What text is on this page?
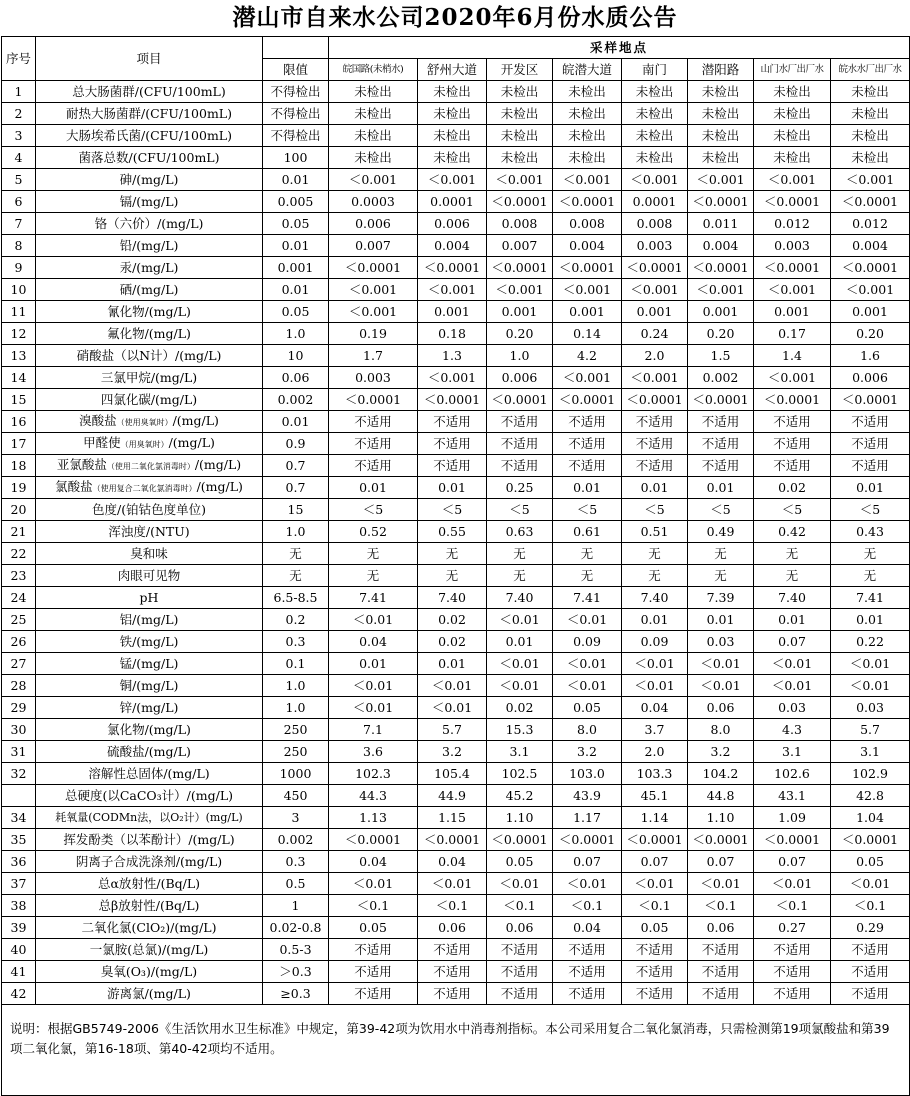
潜山市自来水公司2020年6月份水质公告
序号	项目		采样地点							
		限值	皖国路(未梢水)	舒州大道	开发区	皖潜大道	南门	潜阳路	山门水厂出厂水	皖水水厂出厂水
1	总大肠菌群/(CFU/100mL)	不得检出	未检出	未检出	未检出	未检出	未检出	未检出	未检出	未检出
2	耐热大肠菌群/(CFU/100mL)	不得检出	未检出	未检出	未检出	未检出	未检出	未检出	未检出	未检出
3	大肠埃希氏菌/(CFU/100mL)	不得检出	未检出	未检出	未检出	未检出	未检出	未检出	未检出	未检出
4	菌落总数/(CFU/100mL)	100	未检出	未检出	未检出	未检出	未检出	未检出	未检出	未检出
5	砷/(mg/L)	0.01	＜0.001	＜0.001	＜0.001	＜0.001	＜0.001	＜0.001	＜0.001	＜0.001
6	镉/(mg/L)	0.005	0.0003	0.0001	＜0.0001	＜0.0001	0.0001	＜0.0001	＜0.0001	＜0.0001
7	铬（六价）/(mg/L)	0.05	0.006	0.006	0.008	0.008	0.008	0.011	0.012	0.012
8	铅/(mg/L)	0.01	0.007	0.004	0.007	0.004	0.003	0.004	0.003	0.004
9	汞/(mg/L)	0.001	＜0.0001	＜0.0001	＜0.0001	＜0.0001	＜0.0001	＜0.0001	＜0.0001	＜0.0001
10	硒/(mg/L)	0.01	＜0.001	＜0.001	＜0.001	＜0.001	＜0.001	＜0.001	＜0.001	＜0.001
11	氰化物/(mg/L)	0.05	＜0.001	0.001	0.001	0.001	0.001	0.001	0.001	0.001
12	氟化物/(mg/L)	1.0	0.19	0.18	0.20	0.14	0.24	0.20	0.17	0.20
13	硝酸盐（以N计）/(mg/L)	10	1.7	1.3	1.0	4.2	2.0	1.5	1.4	1.6
14	三氯甲烷/(mg/L)	0.06	0.003	＜0.001	0.006	＜0.001	＜0.001	0.002	＜0.001	0.006
15	四氯化碳/(mg/L)	0.002	＜0.0001	＜0.0001	＜0.0001	＜0.0001	＜0.0001	＜0.0001	＜0.0001	＜0.0001
16	溴酸盐（使用臭氧时）/(mg/L)	0.01	不适用	不适用	不适用	不适用	不适用	不适用	不适用	不适用
17	甲醛使（用臭氧时）/(mg/L)	0.9	不适用	不适用	不适用	不适用	不适用	不适用	不适用	不适用
18	亚氯酸盐（使用二氧化氯消毒时）/(mg/L)	0.7	不适用	不适用	不适用	不适用	不适用	不适用	不适用	不适用
19	氯酸盐（使用复合二氧化氯消毒时）/(mg/L)	0.7	0.01	0.01	0.25	0.01	0.01	0.01	0.02	0.01
20	色度/(铂钴色度单位)	15	＜5	＜5	＜5	＜5	＜5	＜5	＜5	＜5
21	浑浊度/(NTU)	1.0	0.52	0.55	0.63	0.61	0.51	0.49	0.42	0.43
22	臭和味	无	无	无	无	无	无	无	无	无
23	肉眼可见物	无	无	无	无	无	无	无	无	无
24	pH	6.5-8.5	7.41	7.40	7.40	7.41	7.40	7.39	7.40	7.41
25	铝/(mg/L)	0.2	＜0.01	0.02	＜0.01	＜0.01	0.01	0.01	0.01	0.01
26	铁/(mg/L)	0.3	0.04	0.02	0.01	0.09	0.09	0.03	0.07	0.22
27	锰/(mg/L)	0.1	0.01	0.01	＜0.01	＜0.01	＜0.01	＜0.01	＜0.01	＜0.01
28	铜/(mg/L)	1.0	＜0.01	＜0.01	＜0.01	＜0.01	＜0.01	＜0.01	＜0.01	＜0.01
29	锌/(mg/L)	1.0	＜0.01	＜0.01	0.02	0.05	0.04	0.06	0.03	0.03
30	氯化物/(mg/L)	250	7.1	5.7	15.3	8.0	3.7	8.0	4.3	5.7
31	硫酸盐/(mg/L)	250	3.6	3.2	3.1	3.2	2.0	3.2	3.1	3.1
32	溶解性总固体/(mg/L)	1000	102.3	105.4	102.5	103.0	103.3	104.2	102.6	102.9
	总硬度(以CaCO₃计）/(mg/L)	450	44.3	44.9	45.2	43.9	45.1	44.8	43.1	42.8
34	耗氧量(CODMn法，以O₂计）(mg/L)	3	1.13	1.15	1.10	1.17	1.14	1.10	1.09	1.04
35	挥发酚类（以苯酚计）/(mg/L)	0.002	＜0.0001	＜0.0001	＜0.0001	＜0.0001	＜0.0001	＜0.0001	＜0.0001	＜0.0001
36	阴离子合成洗涤剂/(mg/L)	0.3	0.04	0.04	0.05	0.07	0.07	0.07	0.07	0.05
37	总α放射性/(Bq/L)	0.5	＜0.01	＜0.01	＜0.01	＜0.01	＜0.01	＜0.01	＜0.01	＜0.01
38	总β放射性/(Bq/L)	1	＜0.1	＜0.1	＜0.1	＜0.1	＜0.1	＜0.1	＜0.1	＜0.1
39	二氧化氯(ClO₂)/(mg/L)	0.02-0.8	0.05	0.06	0.06	0.04	0.05	0.06	0.27	0.29
40	一氯胺(总氯)/(mg/L)	0.5-3	不适用	不适用	不适用	不适用	不适用	不适用	不适用	不适用
41	臭氧(O₃)/(mg/L)	＞0.3	不适用	不适用	不适用	不适用	不适用	不适用	不适用	不适用
42	游离氯/(mg/L)	≥0.3	不适用	不适用	不适用	不适用	不适用	不适用	不适用	不适用
说明：根据GB5749-2006《生活饮用水卫生标准》中规定，第39-42项为饮用水中消毒剂指标。本公司采用复合二氧化氯消毒，只需检测第19项氯酸盐和第39项二氧化氯，第16-18项、第40-42项均不适用。										
